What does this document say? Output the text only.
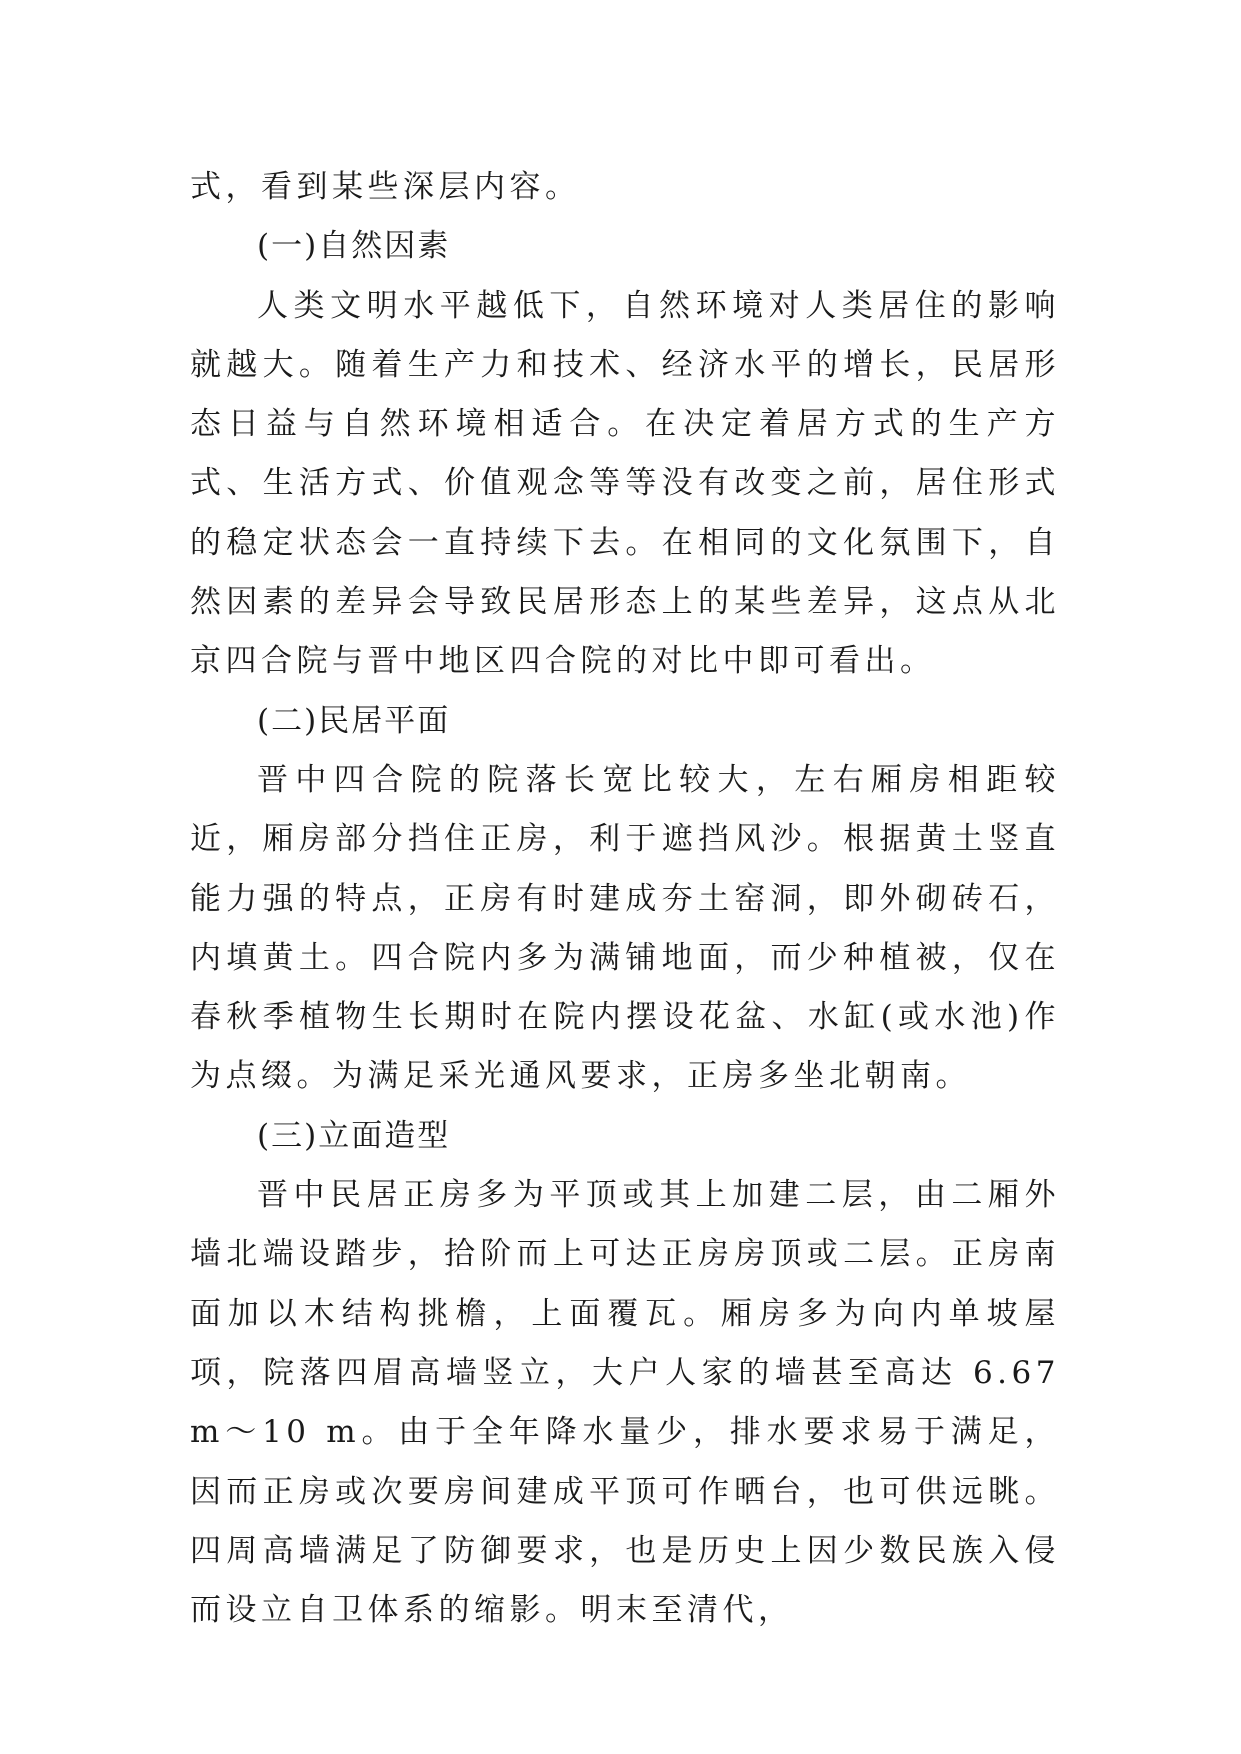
式，看到某些深层内容。

(一)自然因素

人类文明水平越低下，自然环境对人类居住的影响就越大。随着生产力和技术、经济水平的增长，民居形态日益与自然环境相适合。在决定着居方式的生产方式、生活方式、价值观念等等没有改变之前，居住形式的稳定状态会一直持续下去。在相同的文化氛围下，自然因素的差异会导致民居形态上的某些差异，这点从北京四合院与晋中地区四合院的对比中即可看出。

(二)民居平面

晋中四合院的院落长宽比较大，左右厢房相距较近，厢房部分挡住正房，利于遮挡风沙。根据黄土竖直能力强的特点，正房有时建成夯土窑洞，即外砌砖石，内填黄土。四合院内多为满铺地面，而少种植被，仅在春秋季植物生长期时在院内摆设花盆、水缸(或水池)作为点缀。为满足采光通风要求，正房多坐北朝南。

(三)立面造型

晋中民居正房多为平顶或其上加建二层，由二厢外墙北端设踏步，拾阶而上可达正房房顶或二层。正房南面加以木结构挑檐，上面覆瓦。厢房多为向内单坡屋项，院落四眉高墙竖立，大户人家的墙甚至高达 6.67 m～10 m。由于全年降水量少，排水要求易于满足，因而正房或次要房间建成平顶可作晒台，也可供远眺。四周高墙满足了防御要求，也是历史上因少数民族入侵而设立自卫体系的缩影。明末至清代，
